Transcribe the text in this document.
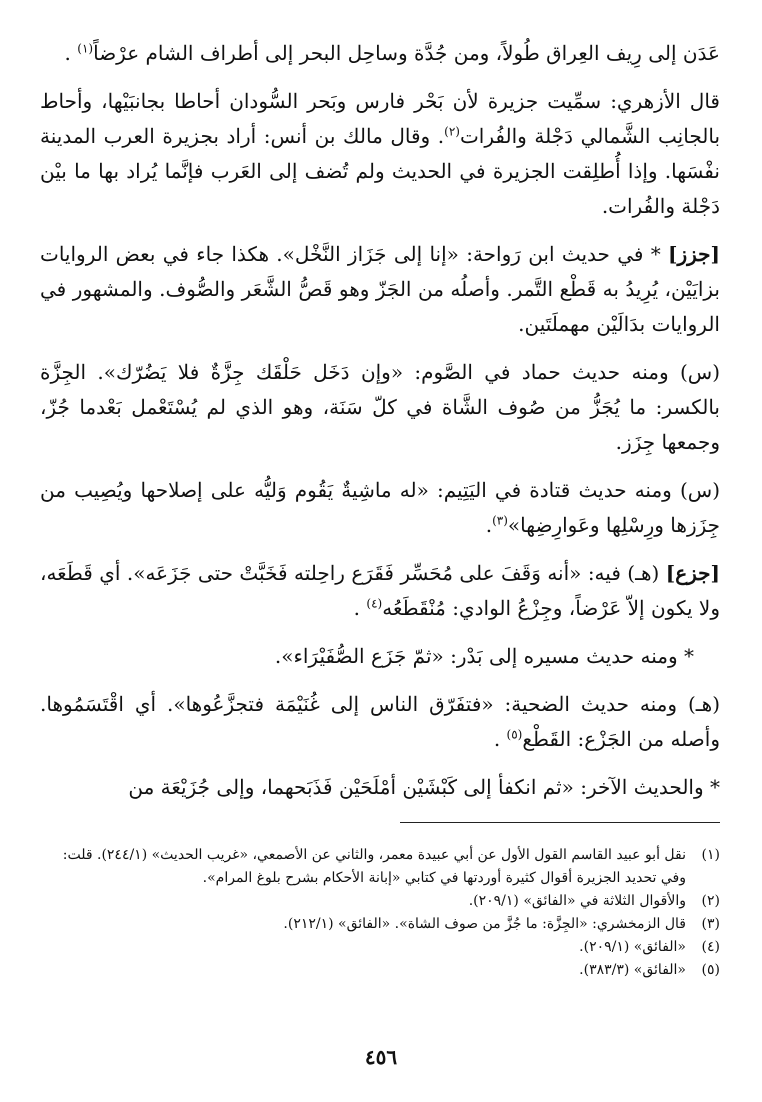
عَدَن إلى رِيف العِراق طُولاً، ومن جُدَّة وساحِل البحر إلى أطراف الشام عرْضاً$^{(١)}$ .

قال الأزهري: سمِّيت جزيرة لأن بَحْر فارس وبَحر السُّودان أحاطا بجانبَيْها، وأحاط بالجانِب الشَّمالي دَجْلة والفُرات$^{(٢)}$. وقال مالك بن أنس: أراد بجزيرة العرب المدينة نفْسَها. وإذا أُطلِقت الجزيرة في الحديث ولم تُضف إلى العَرب فإنَّما يُراد بها ما بيْن دَجْلة والفُرات.

[جزز] * في حديث ابن رَواحة: «إنا إلى جَزَاز النَّخْل». هكذا جاء في بعض الروايات بزايَيْن، يُرِيدُ به قَطْع التَّمر. وأصلُه من الجَزّ وهو قَصُّ الشَّعَر والصُّوف. والمشهور في الروايات بدَالَيْن مهملَتَين.

(س) ومنه حديث حماد في الصَّوم: «وإن دَخَل حَلْقَك جِزَّةٌ فلا يَضُرّك». الجِزَّة بالكسر: ما يُجَزُّ من صُوف الشَّاة في كلّ سَنَة، وهو الذي لم يُسْتَعْمل بَعْدما جُزّ، وجمعها جِزَز.

(س) ومنه حديث قتادة في اليَتِيم: «له ماشِيةٌ يَقُوم وَليُّه على إصلاحها ويُصِيب من جِزَزها ورِسْلِها وعَوارِضِها»$^{(٣)}$.

[جزع] (هـ) فيه: «أنه وَقَفَ على مُحَسِّر فَقَرَع راحِلته فَخَبَّتْ حتى جَزَعَه». أي قَطَعَه، ولا يكون إلاّ عَرْضاً، وجِزْعُ الوادي: مُنْقَطَعُه$^{(٤)}$ .

* ومنه حديث مسيره إلى بَدْر: «ثمّ جَزَع الصُّفَيْرَاء».

(هـ) ومنه حديث الضحية: «فتفَرّق الناس إلى غُنَيْمَة فتجزَّعُوها». أي اقْتَسَمُوها. وأصله من الجَزْع: القَطْع$^{(٥)}$ .

* والحديث الآخر: «ثم انكفأ إلى كَبْشَيْن أمْلَحَيْن فَذَبَحهما، وإلى جُزَيْعَة من

(١)
نقل أبو عبيد القاسم القول الأول عن أبي عبيدة معمر، والثاني عن الأصمعي، «غريب الحديث» (٢٤٤/١). قلت: وفي تحديد الجزيرة أقوال كثيرة أوردتها في كتابي «إبانة الأحكام بشرح بلوغ المرام».
(٢)
والأقوال الثلاثة في «الفائق» (٢٠٩/١).
(٣)
قال الزمخشري: «الجِزَّة: ما جُزَّ من صوف الشاة». «الفائق» (٢١٢/١).
(٤)
«الفائق» (٢٠٩/١).
(٥)
«الفائق» (٣٨٣/٣).
٤٥٦
